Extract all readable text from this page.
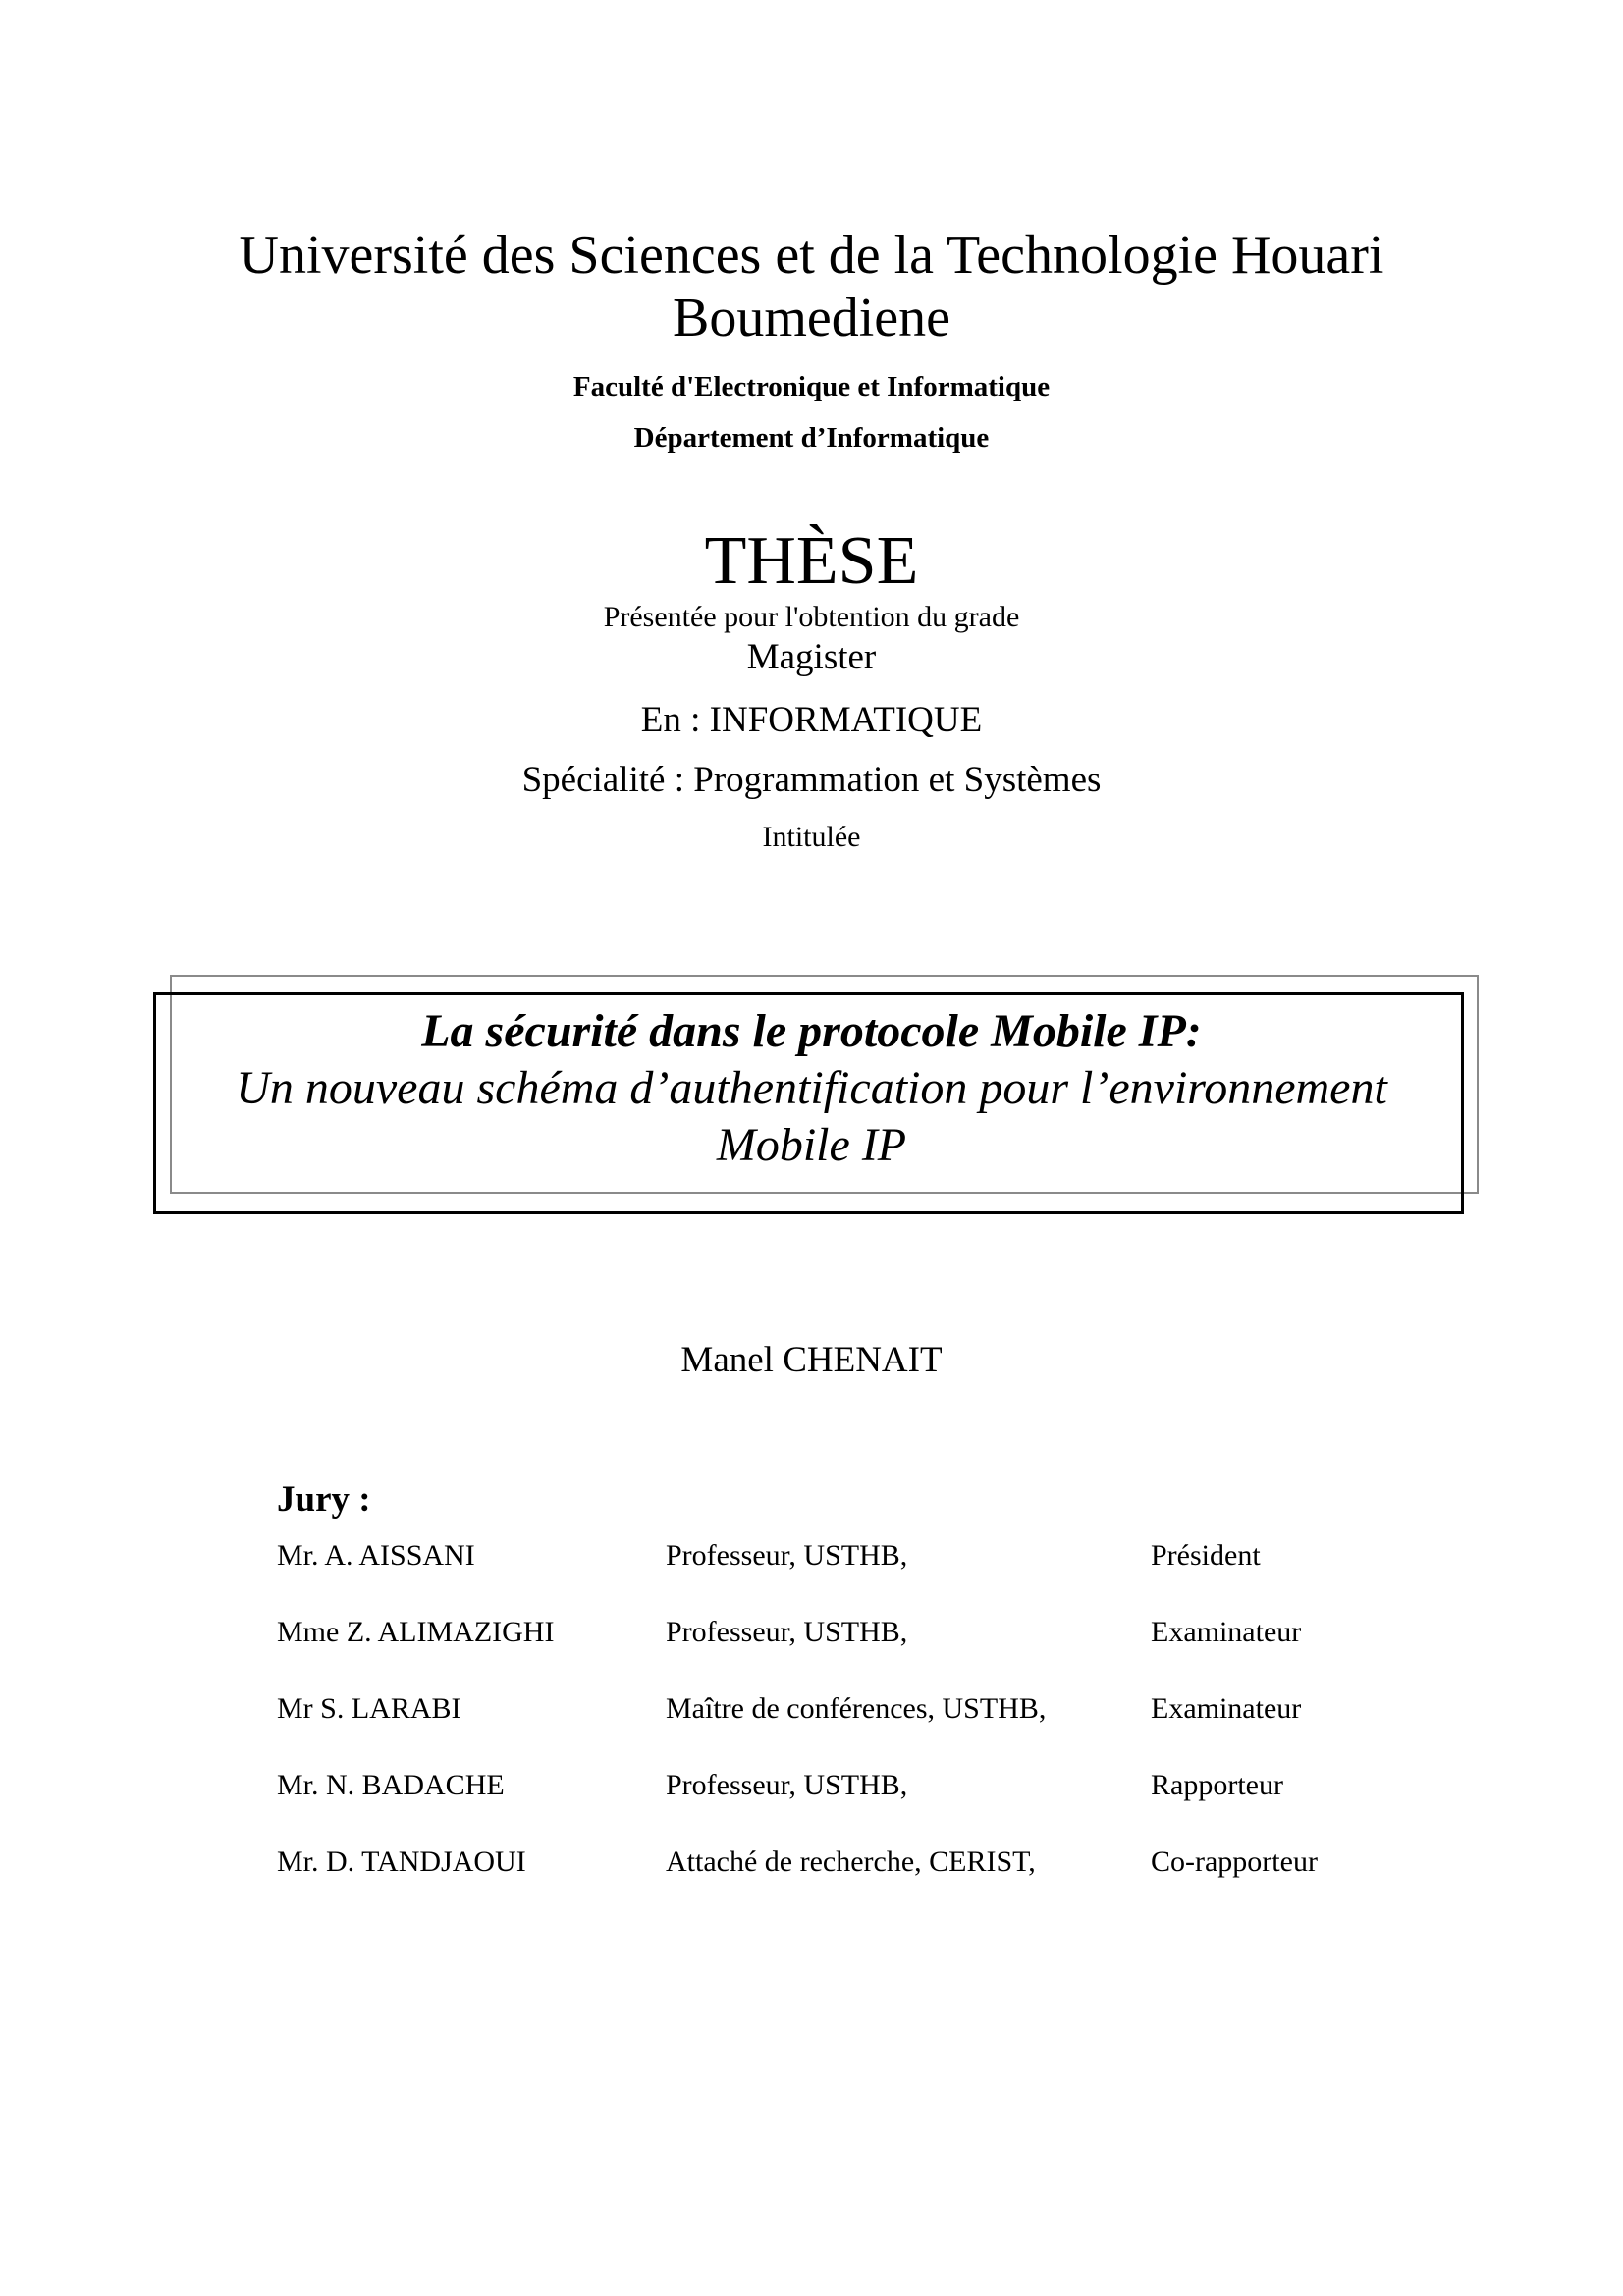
Université des Sciences et de la Technologie Houari
Boumediene
Faculté d'Electronique et Informatique
Département d’Informatique
THÈSE
Présentée pour l'obtention du grade
Magister
En : INFORMATIQUE
Spécialité : Programmation et Systèmes
Intitulée
La sécurité dans le protocole Mobile IP:
Un nouveau schéma d’authentification pour l’environnement
Mobile IP
Manel CHENAIT
Jury :
Mr. A. AISSANI	Professeur, USTHB,	Président
Mme Z. ALIMAZIGHI	Professeur, USTHB,	Examinateur
Mr S. LARABI	Maître de conférences, USTHB,	Examinateur
Mr. N. BADACHE	Professeur, USTHB,	Rapporteur
Mr. D. TANDJAOUI	Attaché de recherche, CERIST,	Co-rapporteur
